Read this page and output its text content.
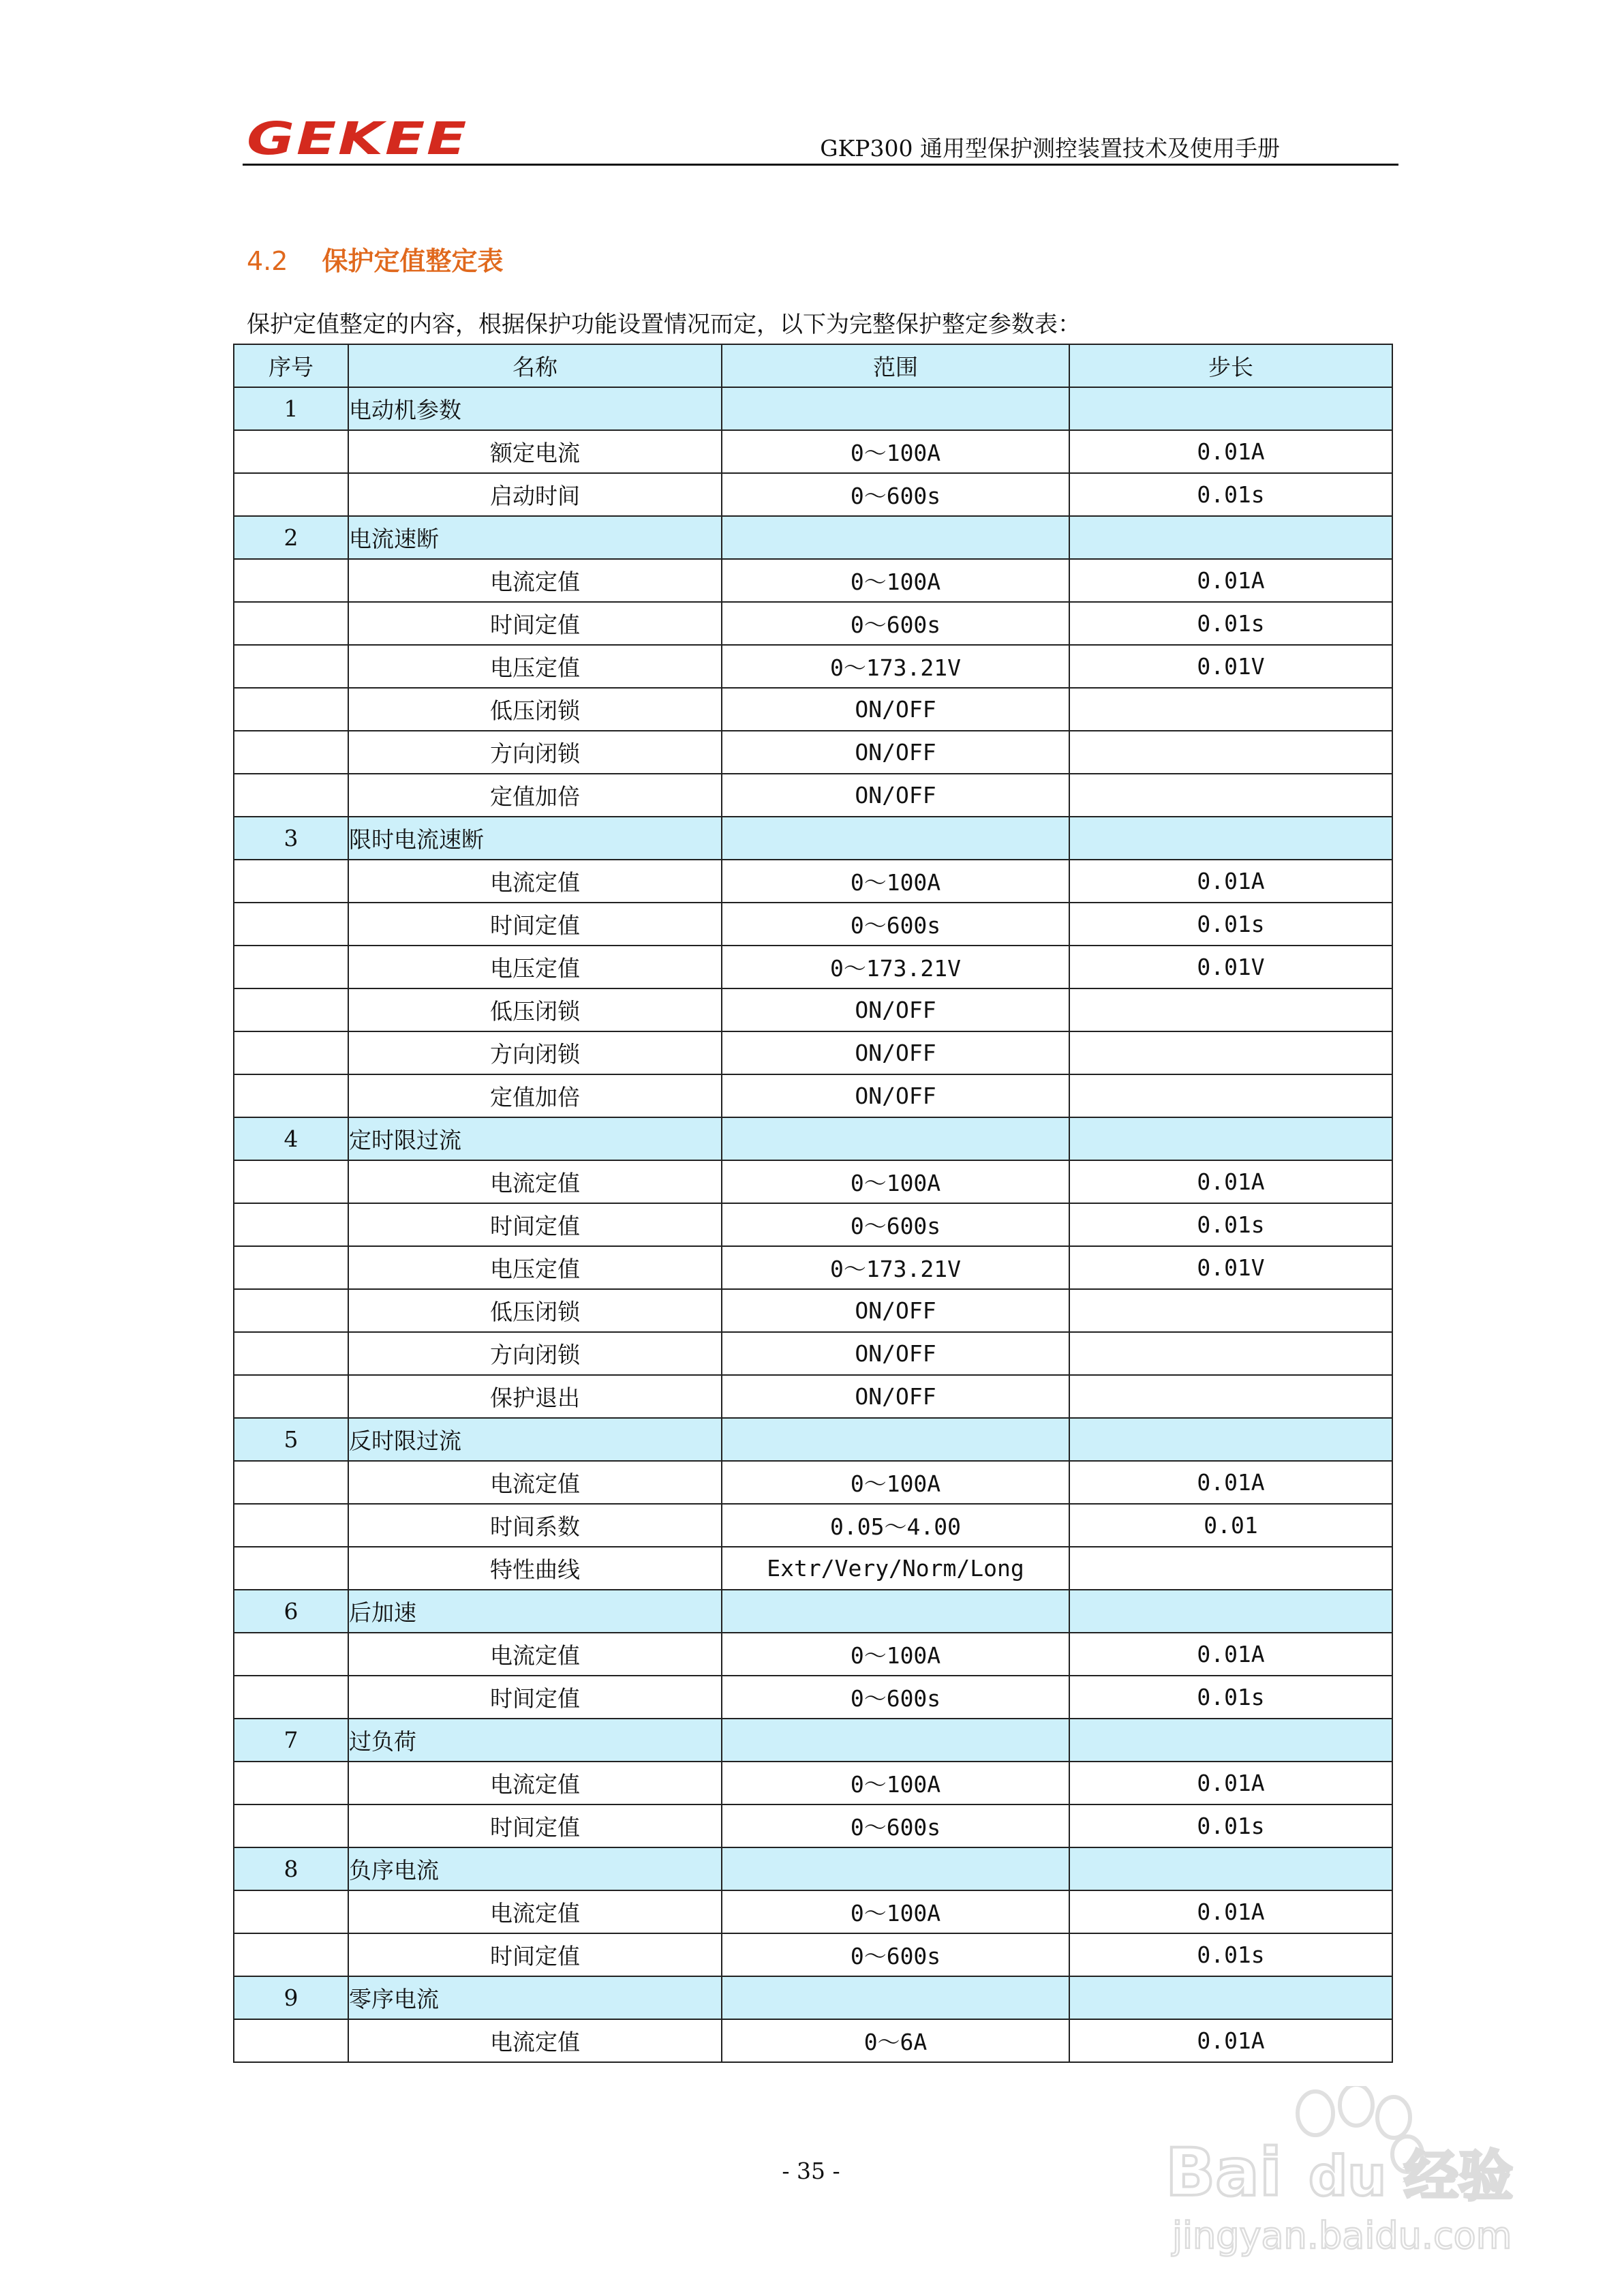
GEKEE	GKP300 通用型保护测控装置技术及使用手册
4.2 保护定值整定表
保护定值整定的内容，根据保护功能设置情况而定，以下为完整保护整定参数表：
序号	名称	范围	步长
1	电动机参数		
	额定电流	0～100A	0.01A
	启动时间	0～600s	0.01s
2	电流速断		
	电流定值	0～100A	0.01A
	时间定值	0～600s	0.01s
	电压定值	0～173.21V	0.01V
	低压闭锁	ON/OFF	
	方向闭锁	ON/OFF	
	定值加倍	ON/OFF	
3	限时电流速断		
	电流定值	0～100A	0.01A
	时间定值	0～600s	0.01s
	电压定值	0～173.21V	0.01V
	低压闭锁	ON/OFF	
	方向闭锁	ON/OFF	
	定值加倍	ON/OFF	
4	定时限过流		
	电流定值	0～100A	0.01A
	时间定值	0～600s	0.01s
	电压定值	0～173.21V	0.01V
	低压闭锁	ON/OFF	
	方向闭锁	ON/OFF	
	保护退出	ON/OFF	
5	反时限过流		
	电流定值	0～100A	0.01A
	时间系数	0.05～4.00	0.01
	特性曲线	Extr/Very/Norm/Long	
6	后加速		
	电流定值	0～100A	0.01A
	时间定值	0～600s	0.01s
7	过负荷		
	电流定值	0～100A	0.01A
	时间定值	0～600s	0.01s
8	负序电流		
	电流定值	0～100A	0.01A
	时间定值	0～600s	0.01s
9	零序电流		
	电流定值	0～6A	0.01A
- 35 -	Bai du 经验
jingyan.baidu.com
